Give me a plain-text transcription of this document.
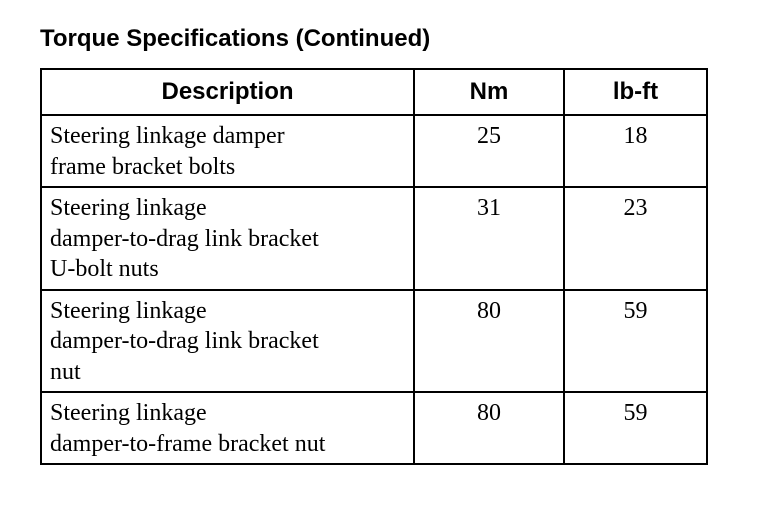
Torque Specifications (Continued)
Description	Nm	lb-ft

Steering linkage damper
frame bracket bolts	25	18

Steering linkage
damper-to-drag link bracket
U-bolt nuts	31	23

Steering linkage
damper-to-drag link bracket
nut	80	59

Steering linkage
damper-to-frame bracket nut	80	59
